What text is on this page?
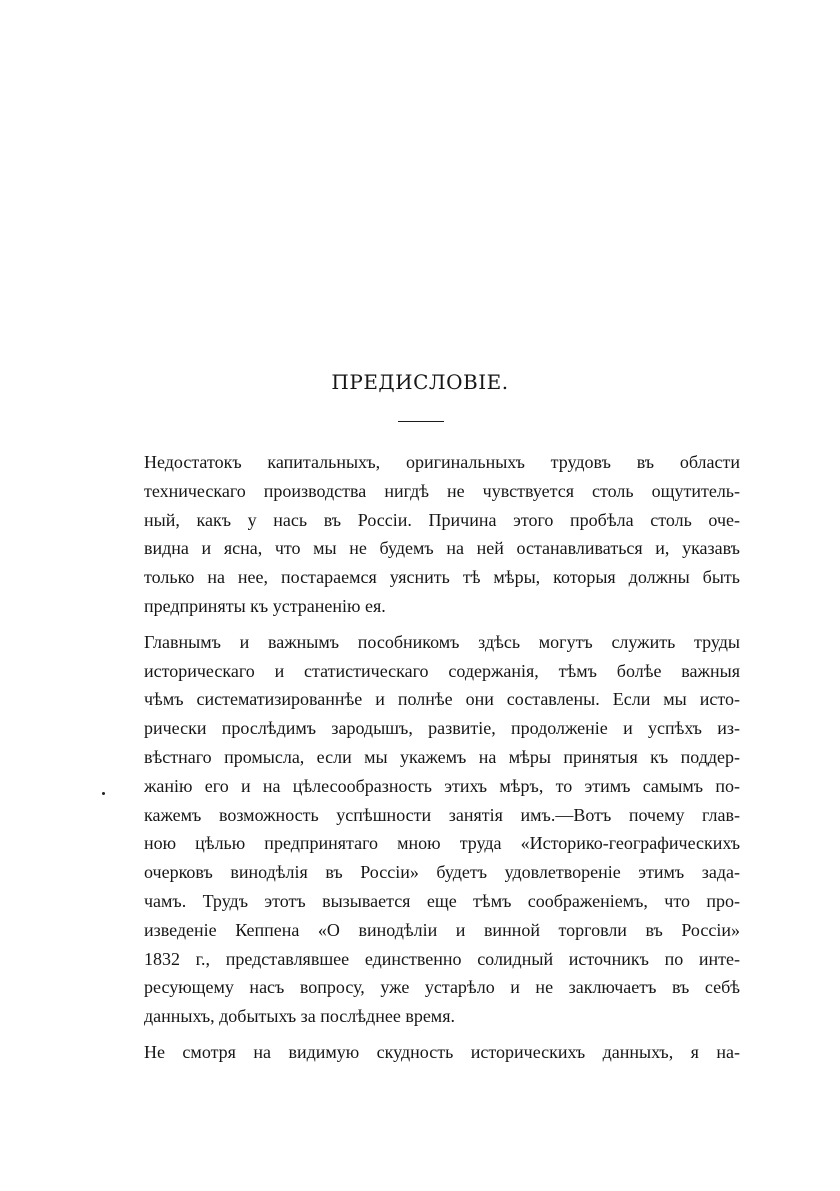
ПРЕДИСЛОВІЕ.

Недостатокъ капитальныхъ, оригинальныхъ трудовъ въ области
техническаго производства нигдѣ не чувствуется столь ощутитель-
ный, какъ у нась въ Россіи. Причина этого пробѣла столь оче-
видна и ясна, что мы не будемъ на ней останавливаться и, указавъ
только на нее, постараемся уяснить тѣ мѣры, которыя должны быть
предприняты къ устраненію ея.

Главнымъ и важнымъ пособникомъ здѣсь могутъ служить труды
историческаго и статистическаго содержанія, тѣмъ болѣе важныя
чѣмъ систематизированнѣе и полнѣе они составлены. Если мы исто-
рически прослѣдимъ зародышъ, развитіе, продолженіе и успѣхъ из-
вѣстнаго промысла, если мы укажемъ на мѣры принятыя къ поддер-
жанію его и на цѣлесообразность этихъ мѣръ, то этимъ самымъ по-
кажемъ возможность успѣшности занятія имъ.—Вотъ почему глав-
ною цѣлью предпринятаго мною труда «Историко-географическихъ
очерковъ винодѣлія въ Россіи» будетъ удовлетвореніе этимъ зада-
чамъ. Трудъ этотъ вызывается еще тѣмъ соображеніемъ, что про-
изведеніе Кеппена «О винодѣліи и винной торговли въ Россіи»
1832 г., представлявшее единственно солидный источникъ по инте-
ресующему насъ вопросу, уже устарѣло и не заключаетъ въ себѣ
данныхъ, добытыхъ за послѣднее время.

Не смотря на видимую скудность историческихъ данныхъ, я на-
